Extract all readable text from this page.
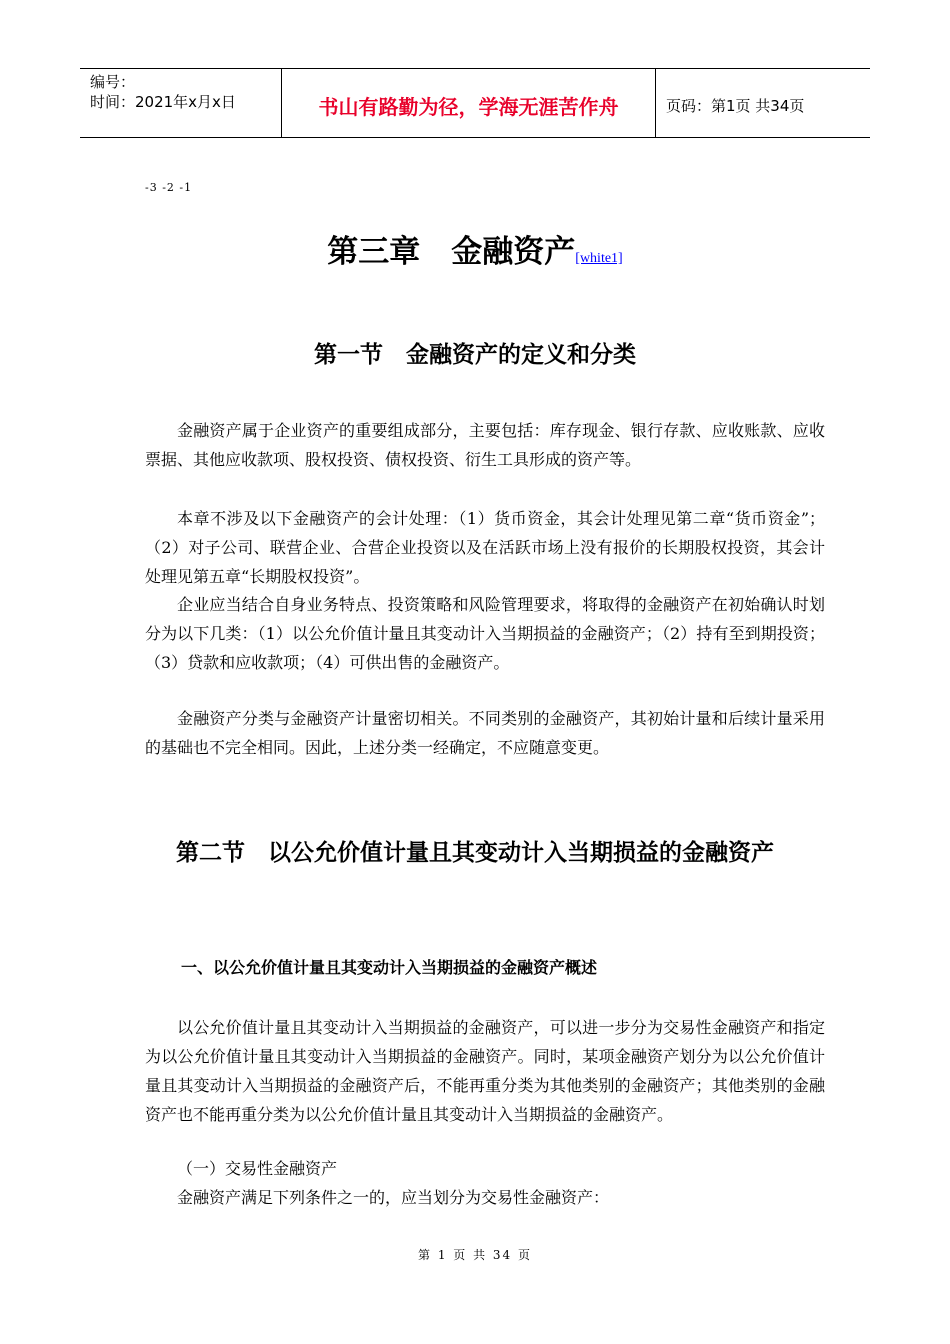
编号：
时间：2021年x月x日	书山有路勤为径，学海无涯苦作舟	页码：第1页 共34页
-3 -2 -1
第三章　金融资产[white1]
第一节　金融资产的定义和分类

金融资产属于企业资产的重要组成部分，主要包括：库存现金、银行存款、应收账款、应收票据、其他应收款项、股权投资、债权投资、衍生工具形成的资产等。

本章不涉及以下金融资产的会计处理：（1）货币资金，其会计处理见第二章“货币资金”；（2）对子公司、联营企业、合营企业投资以及在活跃市场上没有报价的长期股权投资，其会计处理见第五章“长期股权投资”。

企业应当结合自身业务特点、投资策略和风险管理要求，将取得的金融资产在初始确认时划分为以下几类：（1）以公允价值计量且其变动计入当期损益的金融资产；（2）持有至到期投资；（3）贷款和应收款项；（4）可供出售的金融资产。

金融资产分类与金融资产计量密切相关。不同类别的金融资产，其初始计量和后续计量采用的基础也不完全相同。因此，上述分类一经确定，不应随意变更。

第二节　以公允价值计量且其变动计入当期损益的金融资产
一、以公允价值计量且其变动计入当期损益的金融资产概述

以公允价值计量且其变动计入当期损益的金融资产，可以进一步分为交易性金融资产和指定为以公允价值计量且其变动计入当期损益的金融资产。同时，某项金融资产划分为以公允价值计量且其变动计入当期损益的金融资产后，不能再重分类为其他类别的金融资产；其他类别的金融资产也不能再重分类为以公允价值计量且其变动计入当期损益的金融资产。

（一）交易性金融资产

金融资产满足下列条件之一的，应当划分为交易性金融资产：

第 1 页 共 34 页
